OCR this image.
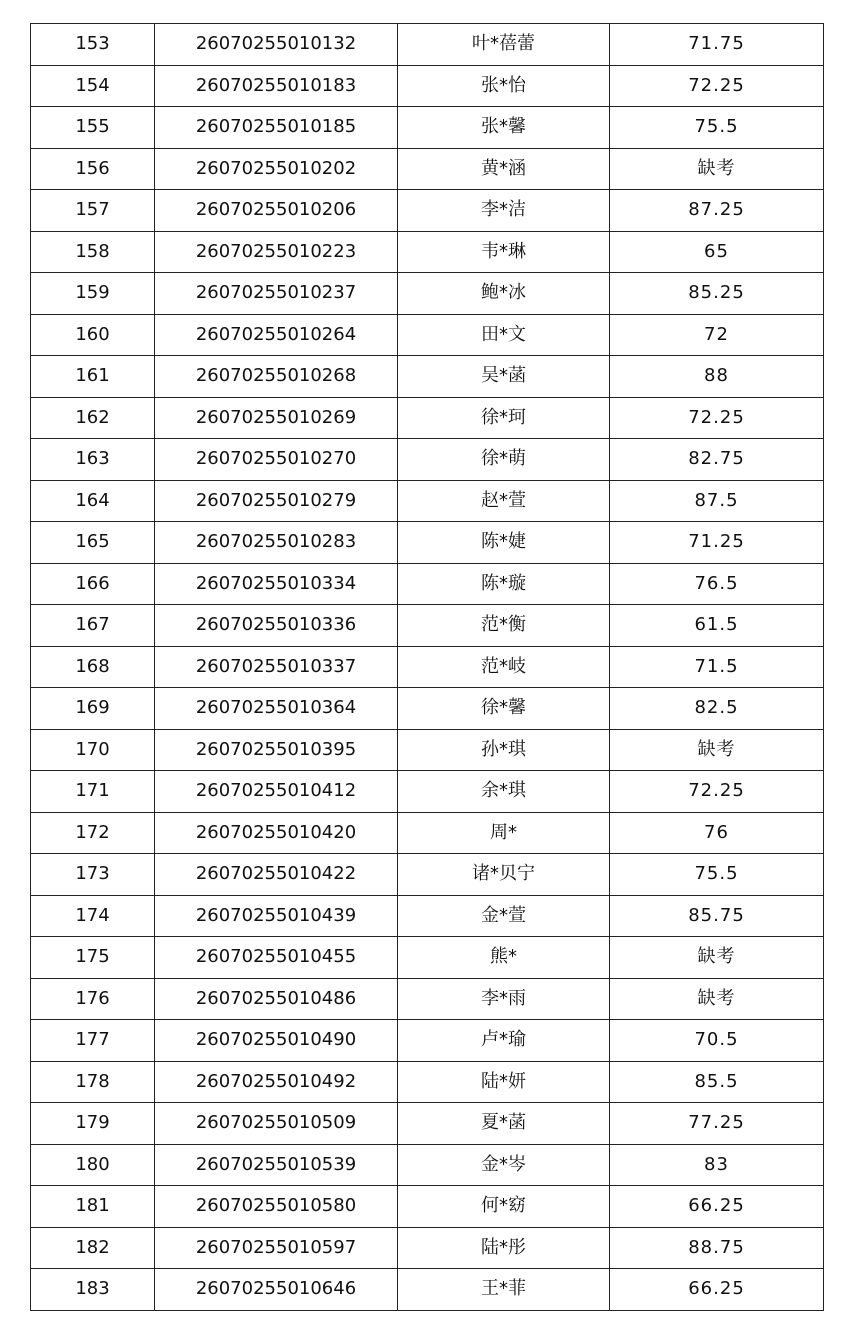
153	26070255010132	叶*蓓蕾	71.75
154	26070255010183	张*怡	72.25
155	26070255010185	张*馨	75.5
156	26070255010202	黄*涵	缺考
157	26070255010206	李*洁	87.25
158	26070255010223	韦*琳	65
159	26070255010237	鲍*冰	85.25
160	26070255010264	田*文	72
161	26070255010268	吴*菡	88
162	26070255010269	徐*珂	72.25
163	26070255010270	徐*萌	82.75
164	26070255010279	赵*萱	87.5
165	26070255010283	陈*婕	71.25
166	26070255010334	陈*璇	76.5
167	26070255010336	范*衡	61.5
168	26070255010337	范*岐	71.5
169	26070255010364	徐*馨	82.5
170	26070255010395	孙*琪	缺考
171	26070255010412	余*琪	72.25
172	26070255010420	周*	76
173	26070255010422	诸*贝宁	75.5
174	26070255010439	金*萱	85.75
175	26070255010455	熊*	缺考
176	26070255010486	李*雨	缺考
177	26070255010490	卢*瑜	70.5
178	26070255010492	陆*妍	85.5
179	26070255010509	夏*菡	77.25
180	26070255010539	金*岑	83
181	26070255010580	何*窈	66.25
182	26070255010597	陆*彤	88.75
183	26070255010646	王*菲	66.25
